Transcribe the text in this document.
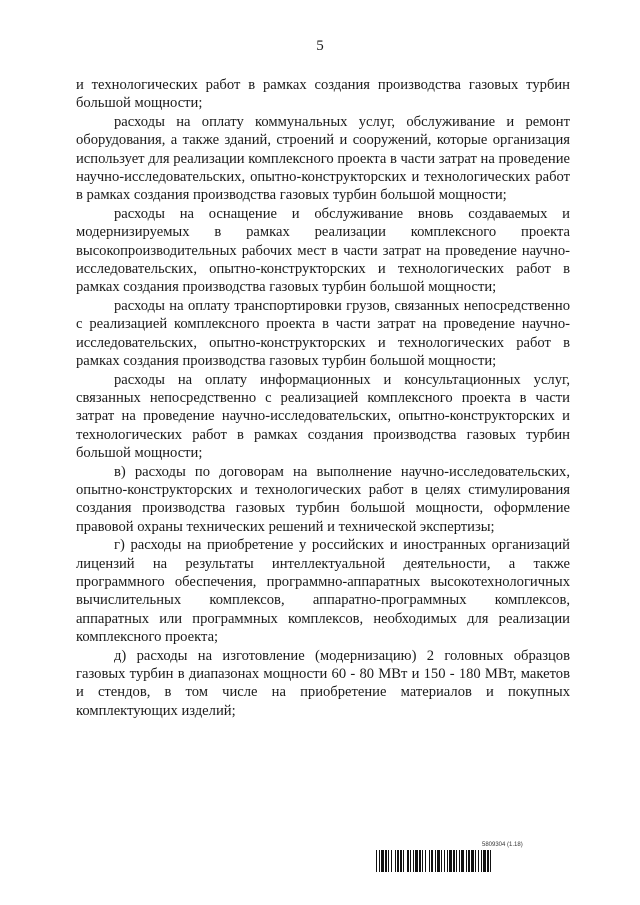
5

и технологических работ в рамках создания производства газовых турбин большой мощности;

расходы на оплату коммунальных услуг, обслуживание и ремонт оборудования, а также зданий, строений и сооружений, которые организация использует для реализации комплексного проекта в части затрат на проведение научно-исследовательских, опытно-конструкторских и технологических работ в рамках создания производства газовых турбин большой мощности;

расходы на оснащение и обслуживание вновь создаваемых и модернизируемых в рамках реализации комплексного проекта высокопроизводительных рабочих мест в части затрат на проведение научно-исследовательских, опытно-конструкторских и технологических работ в рамках создания производства газовых турбин большой мощности;

расходы на оплату транспортировки грузов, связанных непосредственно с реализацией комплексного проекта в части затрат на проведение научно-исследовательских, опытно-конструкторских и технологических работ в рамках создания производства газовых турбин большой мощности;

расходы на оплату информационных и консультационных услуг, связанных непосредственно с реализацией комплексного проекта в части затрат на проведение научно-исследовательских, опытно-конструкторских и технологических работ в рамках создания производства газовых турбин большой мощности;

в) расходы по договорам на выполнение научно-исследовательских, опытно-конструкторских и технологических работ в целях стимулирования создания производства газовых турбин большой мощности, оформление правовой охраны технических решений и технической экспертизы;

г) расходы на приобретение у российских и иностранных организаций лицензий на результаты интеллектуальной деятельности, а также программного обеспечения, программно-аппаратных высокотехнологичных вычислительных комплексов, аппаратно-программных комплексов, аппаратных или программных комплексов, необходимых для реализации комплексного проекта;

д) расходы на изготовление (модернизацию) 2 головных образцов газовых турбин в диапазонах мощности 60 - 80 МВт и 150 - 180 МВт, макетов и стендов, в том числе на приобретение материалов и покупных комплектующих изделий;

5809304 (1.18)
